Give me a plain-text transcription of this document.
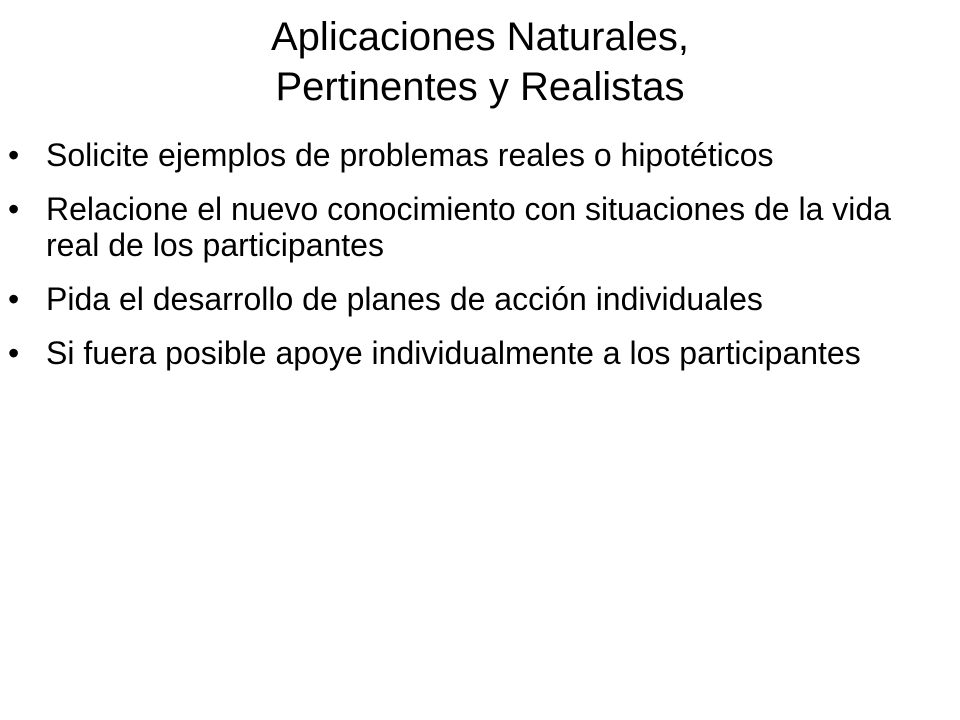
Aplicaciones Naturales,
Pertinentes y Realistas
• Solicite ejemplos de problemas reales o hipotéticos
• Relacione el nuevo conocimiento con situaciones de la vida real de los participantes
• Pida el desarrollo de planes de acción individuales
• Si fuera posible apoye individualmente a los participantes
